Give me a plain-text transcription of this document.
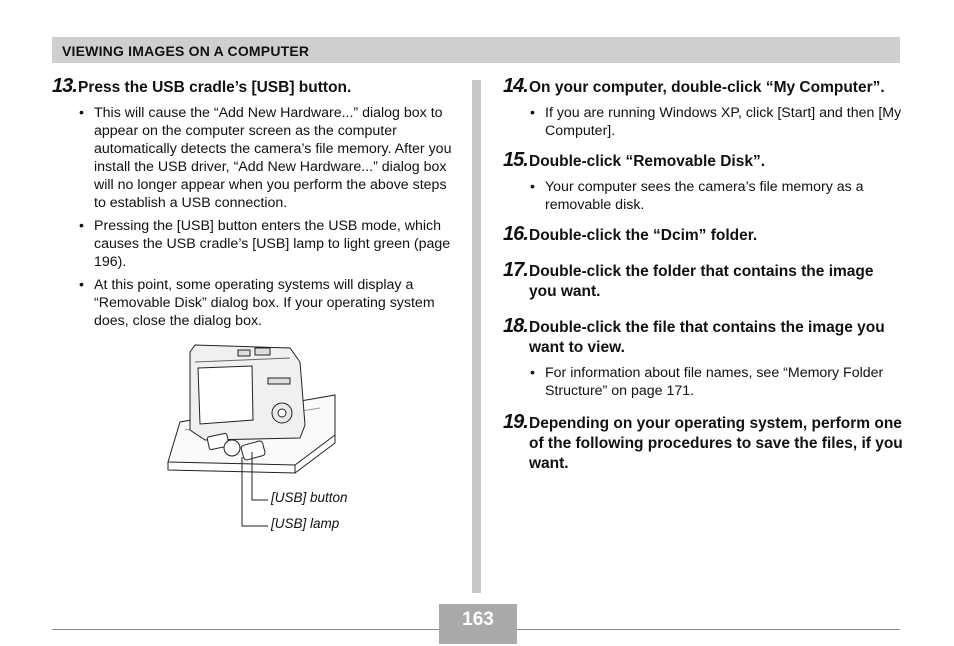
VIEWING IMAGES ON A COMPUTER
13. Press the USB cradle’s [USB] button.
• This will cause the “Add New Hardware...” dialog box to appear on the computer screen as the computer automatically detects the camera’s file memory. After you install the USB driver, “Add New Hardware...” dialog box will no longer appear when you perform the above steps to establish a USB connection.
• Pressing the [USB] button enters the USB mode, which causes the USB cradle’s [USB] lamp to light green (page 196).
• At this point, some operating systems will display a “Removable Disk” dialog box. If your operating system does, close the dialog box.
[USB] button
[USB] lamp
14. On your computer, double-click “My Computer”.
• If you are running Windows XP, click [Start] and then [My Computer].
15. Double-click “Removable Disk”.
• Your computer sees the camera’s file memory as a removable disk.
16. Double-click the “Dcim” folder.
17. Double-click the folder that contains the image you want.
18. Double-click the file that contains the image you want to view.
• For information about file names, see “Memory Folder Structure” on page 171.
19. Depending on your operating system, perform one of the following procedures to save the files, if you want.
163
